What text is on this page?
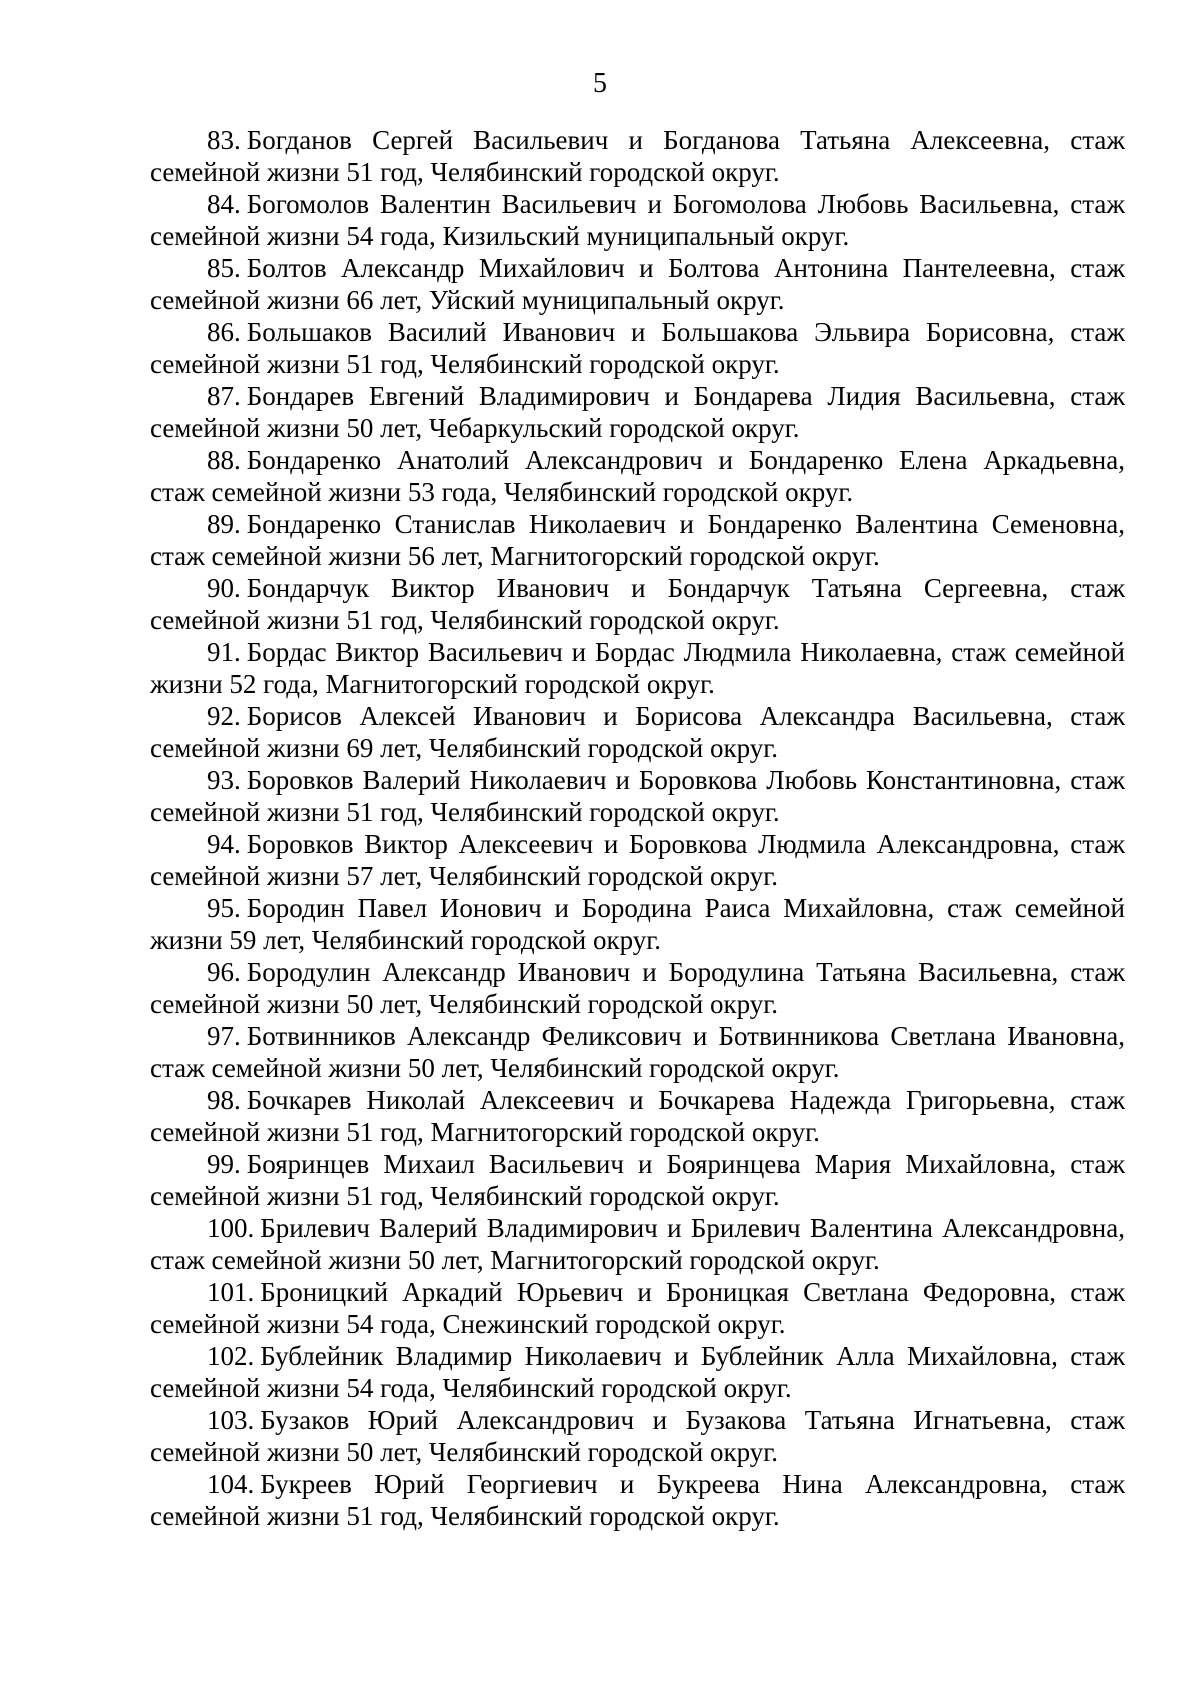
5
83. Богданов Сергей Васильевич и Богданова Татьяна Алексеевна, стаж семейной жизни 51 год, Челябинский городской округ.
84. Богомолов Валентин Васильевич и Богомолова Любовь Васильевна, стаж семейной жизни 54 года, Кизильский муниципальный округ.
85. Болтов Александр Михайлович и Болтова Антонина Пантелеевна, стаж семейной жизни 66 лет, Уйский муниципальный округ.
86. Большаков Василий Иванович и Большакова Эльвира Борисовна, стаж семейной жизни 51 год, Челябинский городской округ.
87. Бондарев Евгений Владимирович и Бондарева Лидия Васильевна, стаж семейной жизни 50 лет, Чебаркульский городской округ.
88. Бондаренко Анатолий Александрович и Бондаренко Елена Аркадьевна, стаж семейной жизни 53 года, Челябинский городской округ.
89. Бондаренко Станислав Николаевич и Бондаренко Валентина Семеновна, стаж семейной жизни 56 лет, Магнитогорский городской округ.
90. Бондарчук Виктор Иванович и Бондарчук Татьяна Сергеевна, стаж семейной жизни 51 год, Челябинский городской округ.
91. Бордас Виктор Васильевич и Бордас Людмила Николаевна, стаж семейной жизни 52 года, Магнитогорский городской округ.
92. Борисов Алексей Иванович и Борисова Александра Васильевна, стаж семейной жизни 69 лет, Челябинский городской округ.
93. Боровков Валерий Николаевич и Боровкова Любовь Константиновна, стаж семейной жизни 51 год, Челябинский городской округ.
94. Боровков Виктор Алексеевич и Боровкова Людмила Александровна, стаж семейной жизни 57 лет, Челябинский городской округ.
95. Бородин Павел Ионович и Бородина Раиса Михайловна, стаж семейной жизни 59 лет, Челябинский городской округ.
96. Бородулин Александр Иванович и Бородулина Татьяна Васильевна, стаж семейной жизни 50 лет, Челябинский городской округ.
97. Ботвинников Александр Феликсович и Ботвинникова Светлана Ивановна, стаж семейной жизни 50 лет, Челябинский городской округ.
98. Бочкарев Николай Алексеевич и Бочкарева Надежда Григорьевна, стаж семейной жизни 51 год, Магнитогорский городской округ.
99. Бояринцев Михаил Васильевич и Бояринцева Мария Михайловна, стаж семейной жизни 51 год, Челябинский городской округ.
100. Брилевич Валерий Владимирович и Брилевич Валентина Александровна, стаж семейной жизни 50 лет, Магнитогорский городской округ.
101. Броницкий Аркадий Юрьевич и Броницкая Светлана Федоровна, стаж семейной жизни 54 года, Снежинский городской округ.
102. Бублейник Владимир Николаевич и Бублейник Алла Михайловна, стаж семейной жизни 54 года, Челябинский городской округ.
103. Бузаков Юрий Александрович и Бузакова Татьяна Игнатьевна, стаж семейной жизни 50 лет, Челябинский городской округ.
104. Букреев Юрий Георгиевич и Букреева Нина Александровна, стаж семейной жизни 51 год, Челябинский городской округ.
